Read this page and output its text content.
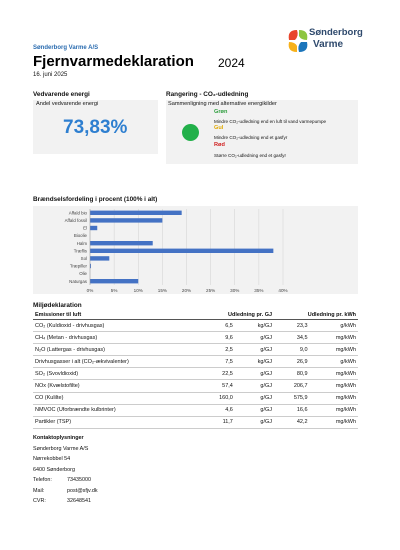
Sønderborg Varme A/S
Fjernvarmedeklaration 2024
16. juni 2025
Sønderborg
Varme
Vedvarende energi
Andel vedvarende energi
73,83%
Rangering - CO₂-udledning
Sammenligning med alternative energikilder
Grøn
Mindre CO₂-udledning end en luft til vand varmepumpe
Gul
Mindre CO₂-udledning end et gasfyr
Rød
Større CO₂-udledning end et gasfyr
Brændselsfordeling i procent (100% i alt)
0%	5%	10%	15%	20%	25%	30%	35%	40%
Affald bio
Affald fossil
El
Bioolie
Halm
Træflis
Sol
Træpiller
Olie
Naturgas
Miljødeklaration
Emissioner til luft	Udledning pr. GJ		Udledning pr. kWh	
CO₂ (Kuldioxid - drivhusgas)	6,5	kg/GJ	23,3	g/kWh
CH₄ (Metan - drivhusgas)	9,6	g/GJ	34,5	mg/kWh
N₂O (Lattergas - drivhusgas)	2,5	g/GJ	9,0	mg/kWh
Drivhusgasser i alt (CO₂-ækvivalenter)	7,5	kg/GJ	26,9	g/kWh
SO₂ (Svovldioxid)	22,5	g/GJ	80,9	mg/kWh
NOx (Kvælstofilte)	57,4	g/GJ	206,7	mg/kWh
CO (Kulilte)	160,0	g/GJ	575,9	mg/kWh
NMVOC (Uforbrændte kulbrinter)	4,6	g/GJ	16,6	mg/kWh
Partikler (TSP)	11,7	g/GJ	42,2	mg/kWh
Kontaktoplysninger
Sønderborg Varme A/S
Nørrekobbel 54
6400 Sønderborg
Telefon:	73435000
Mail:	post@sfjv.dk
CVR:	32648541
